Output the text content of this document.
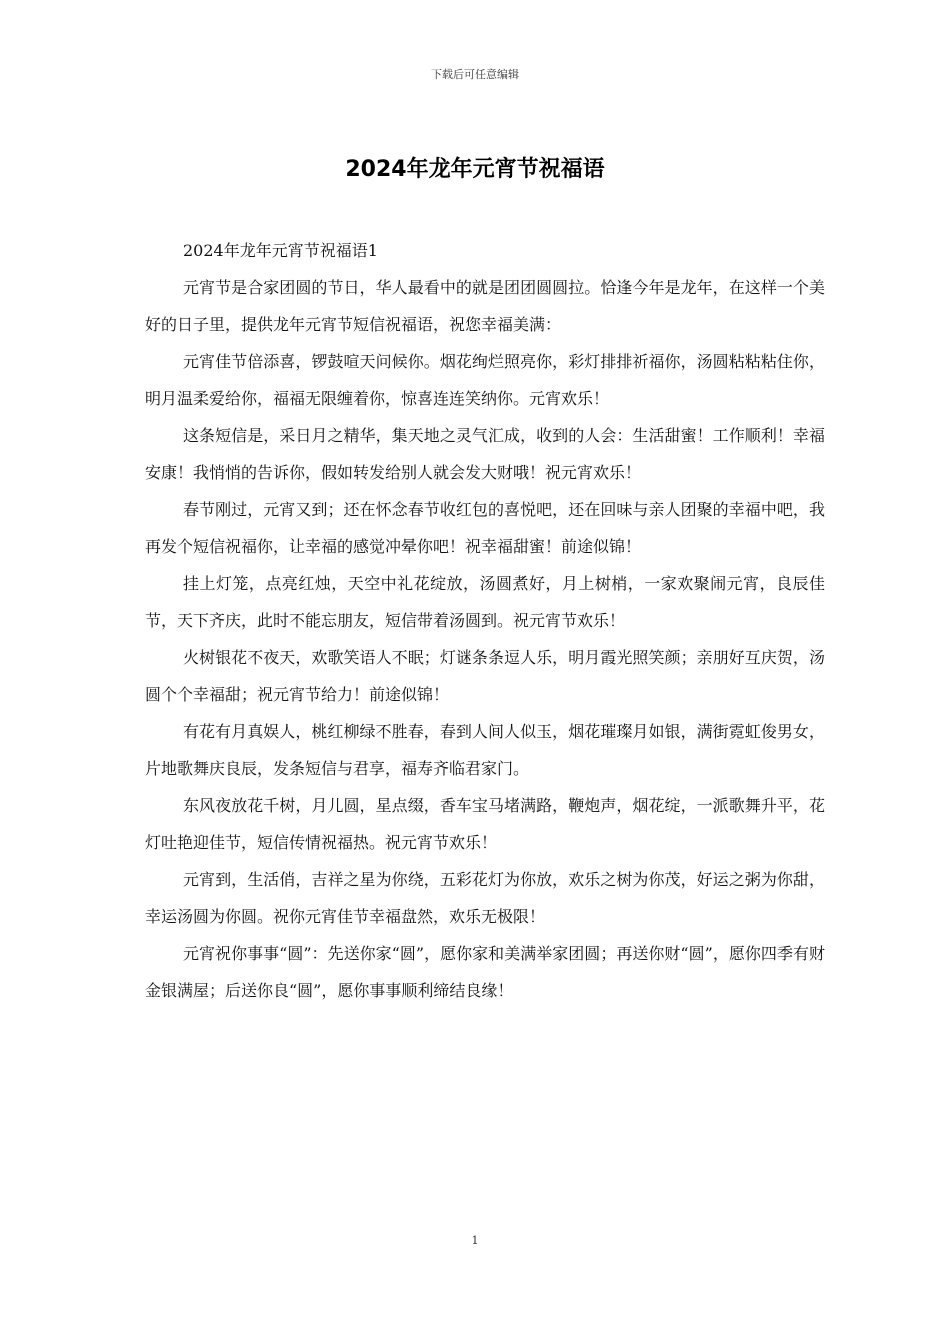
下载后可任意编辑
2024年龙年元宵节祝福语

2024年龙年元宵节祝福语1

元宵节是合家团圆的节日，华人最看中的就是团团圆圆拉。恰逢今年是龙年，在这样一个美好的日子里，提供龙年元宵节短信祝福语，祝您幸福美满：

元宵佳节倍添喜，锣鼓喧天问候你。烟花绚烂照亮你，彩灯排排祈福你，汤圆粘粘粘住你，明月温柔爱给你，福福无限缠着你，惊喜连连笑纳你。元宵欢乐！

这条短信是，采日月之精华，集天地之灵气汇成，收到的人会：生活甜蜜！工作顺利！幸福安康！我悄悄的告诉你，假如转发给别人就会发大财哦！祝元宵欢乐！

春节刚过，元宵又到；还在怀念春节收红包的喜悦吧，还在回味与亲人团聚的幸福中吧，我再发个短信祝福你，让幸福的感觉冲晕你吧！祝幸福甜蜜！前途似锦！

挂上灯笼，点亮红烛，天空中礼花绽放，汤圆煮好，月上树梢，一家欢聚闹元宵，良辰佳节，天下齐庆，此时不能忘朋友，短信带着汤圆到。祝元宵节欢乐！

火树银花不夜天，欢歌笑语人不眠；灯谜条条逗人乐，明月霞光照笑颜；亲朋好互庆贺，汤圆个个幸福甜；祝元宵节给力！前途似锦！

有花有月真娱人，桃红柳绿不胜春，春到人间人似玉，烟花璀璨月如银，满街霓虹俊男女，片地歌舞庆良辰，发条短信与君享，福寿齐临君家门。

东风夜放花千树，月儿圆，星点缀，香车宝马堵满路，鞭炮声，烟花绽，一派歌舞升平，花灯吐艳迎佳节，短信传情祝福热。祝元宵节欢乐！

元宵到，生活俏，吉祥之星为你绕，五彩花灯为你放，欢乐之树为你茂，好运之粥为你甜，幸运汤圆为你圆。祝你元宵佳节幸福盘然，欢乐无极限！

元宵祝你事事“圆”：先送你家“圆”，愿你家和美满举家团圆；再送你财“圆”，愿你四季有财金银满屋；后送你良“圆”，愿你事事顺利缔结良缘！

1
